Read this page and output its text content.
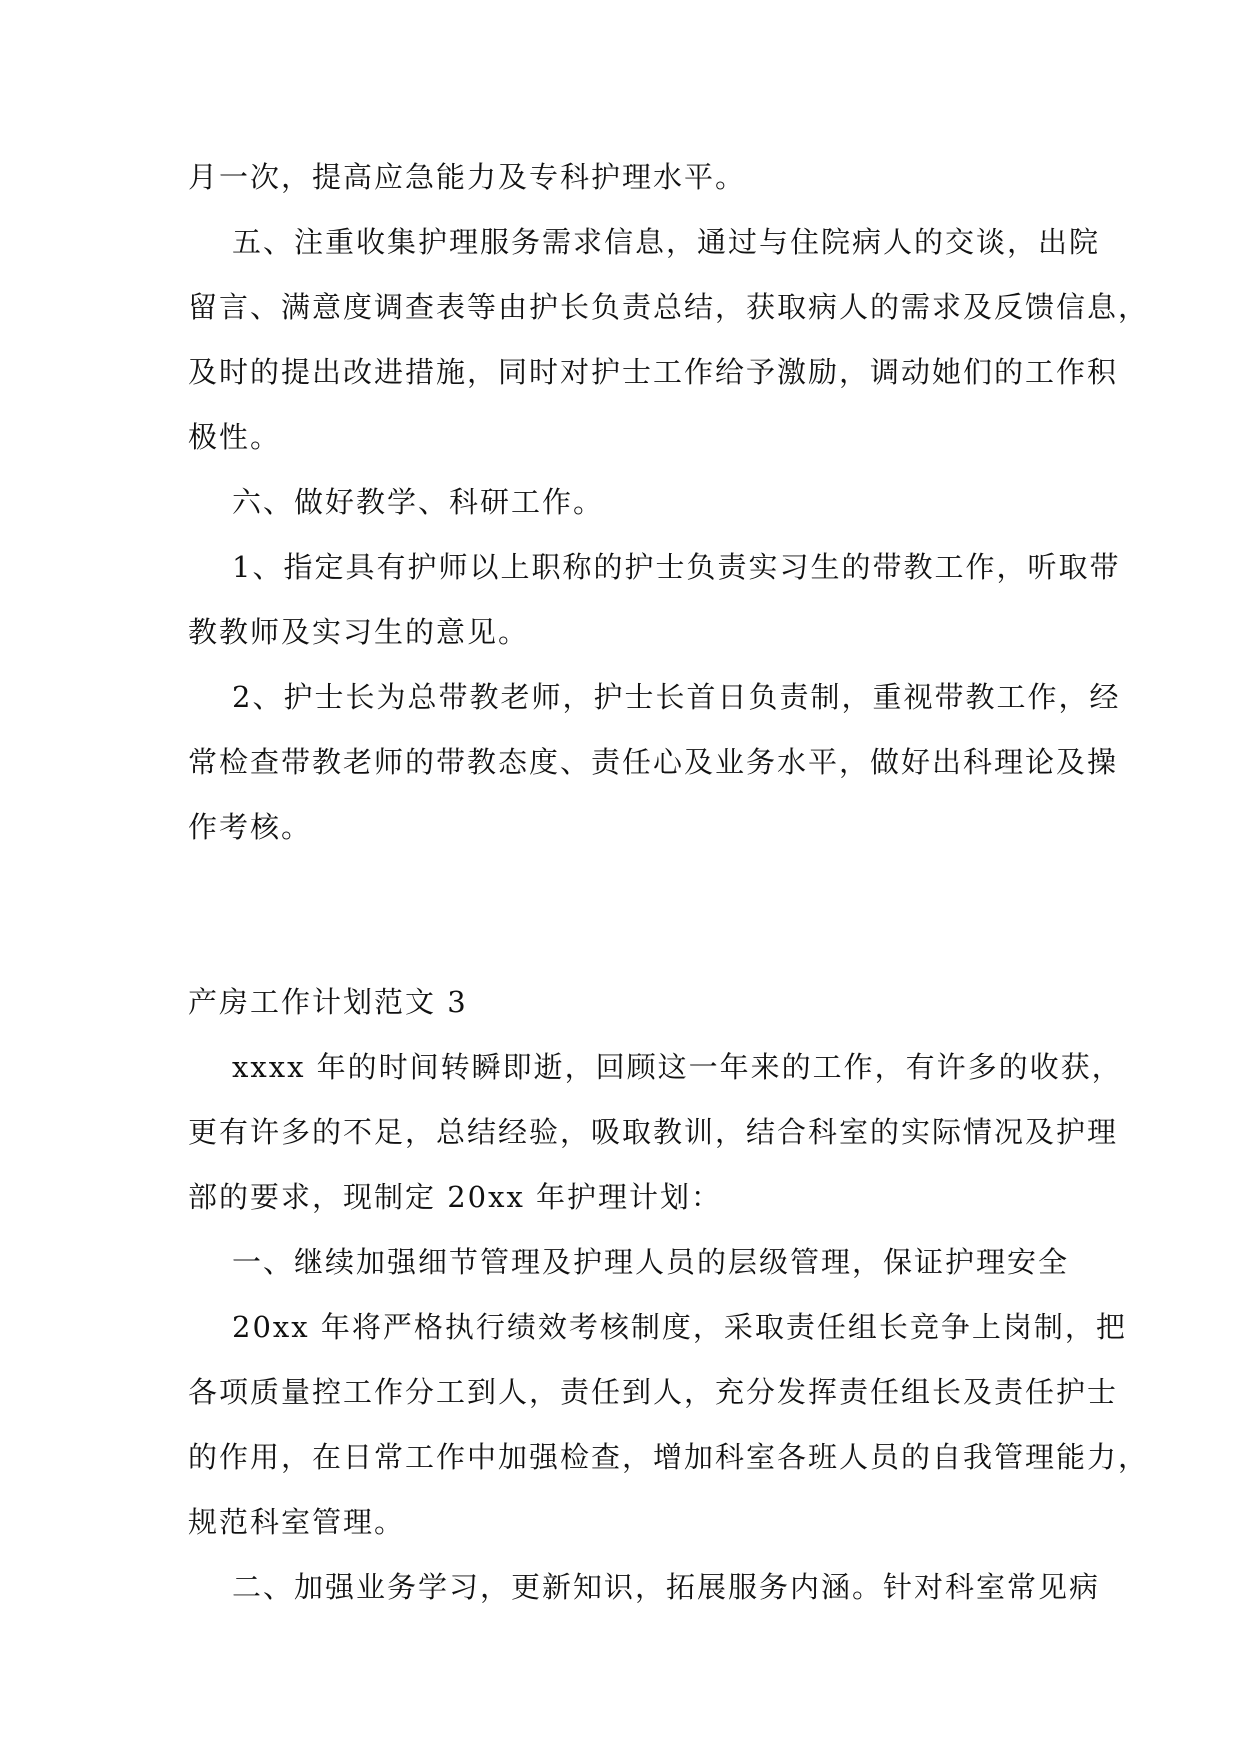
月一次，提高应急能力及专科护理水平。
五、注重收集护理服务需求信息，通过与住院病人的交谈，出院
留言、满意度调查表等由护长负责总结，获取病人的需求及反馈信息，
及时的提出改进措施，同时对护士工作给予激励，调动她们的工作积
极性。
六、做好教学、科研工作。
1、指定具有护师以上职称的护士负责实习生的带教工作，听取带
教教师及实习生的意见。
2、护士长为总带教老师，护士长首日负责制，重视带教工作，经
常检查带教老师的带教态度、责任心及业务水平，做好出科理论及操
作考核。
产房工作计划范文 3
xxxx 年的时间转瞬即逝，回顾这一年来的工作，有许多的收获，
更有许多的不足，总结经验，吸取教训，结合科室的实际情况及护理
部的要求，现制定 20xx 年护理计划：
一、继续加强细节管理及护理人员的层级管理，保证护理安全
20xx 年将严格执行绩效考核制度，采取责任组长竞争上岗制，把
各项质量控工作分工到人，责任到人，充分发挥责任组长及责任护士
的作用，在日常工作中加强检查，增加科室各班人员的自我管理能力，
规范科室管理。
二、加强业务学习，更新知识，拓展服务内涵。针对科室常见病
